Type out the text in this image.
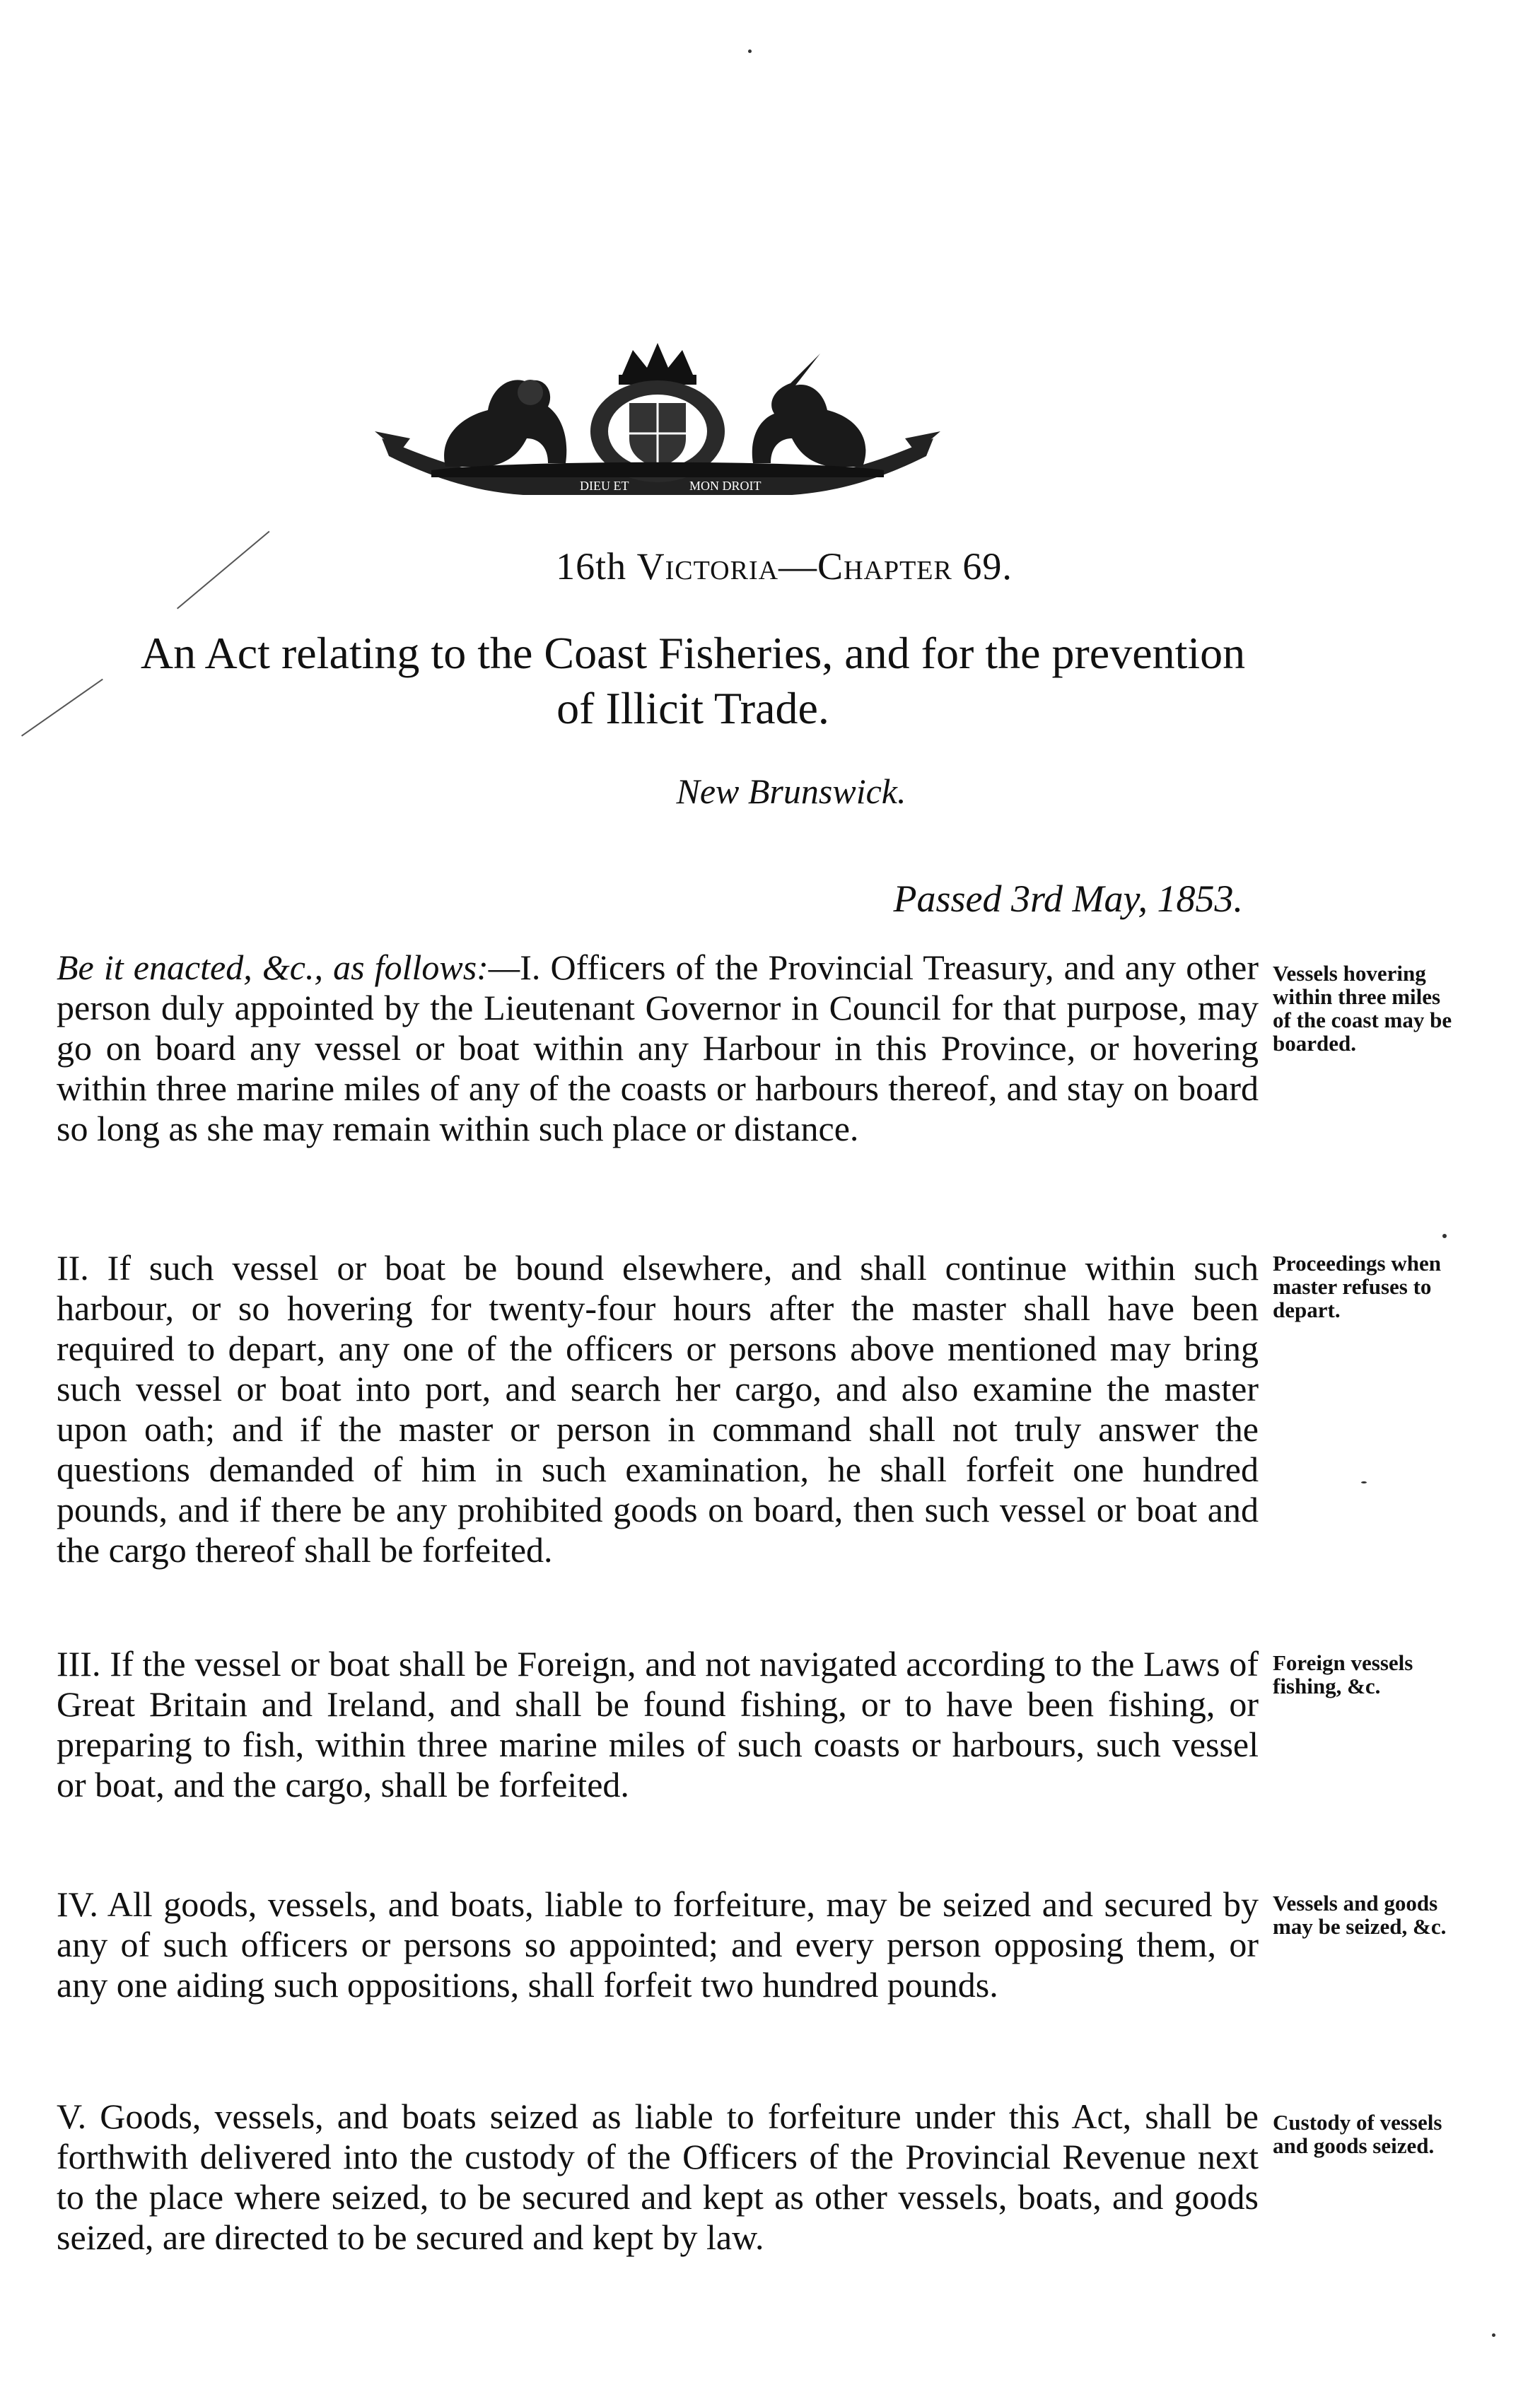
DIEU ET	MON DROIT
16th Victoria—Chapter 69.
An Act relating to the Coast Fisheries, and for the prevention
of Illicit Trade.
New Brunswick.
Passed 3rd May, 1853.
Be it enacted, &c., as follows:—I. Officers of the Provincial Treasury, and any other person duly appointed by the Lieutenant Governor in Council for that purpose, may go on board any vessel or boat within any Harbour in this Province, or hovering within three marine miles of any of the coasts or harbours thereof, and stay on board so long as she may remain within such place or distance.
Vessels hovering within three miles of the coast may be boarded.
II. If such vessel or boat be bound elsewhere, and shall continue within such harbour, or so hovering for twenty-four hours after the master shall have been required to depart, any one of the officers or persons above mentioned may bring such vessel or boat into port, and search her cargo, and also examine the master upon oath; and if the master or person in command shall not truly answer the questions demanded of him in such examination, he shall forfeit one hundred pounds, and if there be any prohibited goods on board, then such vessel or boat and the cargo thereof shall be forfeited.
Proceedings when master refuses to depart.
III. If the vessel or boat shall be Foreign, and not navigated according to the Laws of Great Britain and Ireland, and shall be found fishing, or to have been fishing, or preparing to fish, within three marine miles of such coasts or harbours, such vessel or boat, and the cargo, shall be forfeited.
Foreign vessels fishing, &c.
IV. All goods, vessels, and boats, liable to forfeiture, may be seized and secured by any of such officers or persons so appointed; and every person opposing them, or any one aiding such oppositions, shall forfeit two hundred pounds.
Vessels and goods may be seized, &c.
V. Goods, vessels, and boats seized as liable to forfeiture under this Act, shall be forthwith delivered into the custody of the Officers of the Provincial Revenue next to the place where seized, to be secured and kept as other vessels, boats, and goods seized, are directed to be secured and kept by law.
Custody of vessels and goods seized.
